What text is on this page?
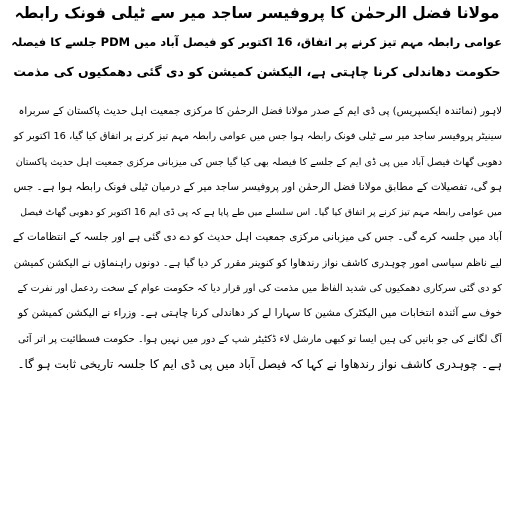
مولانا فضل الرحمٰن کا پروفیسر ساجد میر سے ٹیلی فونک رابطہ
عوامی رابطہ مہم تیز کرنے پر اتفاق، 16 اکتوبر کو فیصل آباد میں PDM جلسے کا فیصلہ
حکومت دھاندلی کرنا چاہتی ہے، الیکشن کمیشن کو دی گئی دھمکیوں کی مذمت
لاہور (نمائندہ ایکسپریس) پی ڈی ایم کے صدر مولانا فضل الرحمٰن کا مرکزی جمعیت اہل حدیث پاکستان کے سربراہ
سینیٹر پروفیسر ساجد میر سے ٹیلی فونک رابطہ ہوا جس میں عوامی رابطہ مہم تیز کرنے پر اتفاق کیا گیا، 16 اکتوبر کو
دھوبی گھاٹ فیصل آباد میں پی ڈی ایم کے جلسے کا فیصلہ بھی کیا گیا جس کی میزبانی مرکزی جمعیت اہل حدیث پاکستان
ہو گی، تفصیلات کے مطابق مولانا فضل الرحمٰن اور پروفیسر ساجد میر کے درمیان ٹیلی فونک رابطہ ہوا ہے۔ جس
میں عوامی رابطہ مہم تیز کرنے پر اتفاق کیا گیا۔ اس سلسلے میں طے پایا ہے کہ پی ڈی ایم 16 اکتوبر کو دھوبی گھاٹ فیصل
آباد میں جلسہ کرے گی۔ جس کی میزبانی مرکزی جمعیت اہل حدیث کو دے دی گئی ہے اور جلسہ کے انتظامات کے
لیے ناظم سیاسی امور چوہدری کاشف نواز رندھاوا کو کنوینر مقرر کر دیا گیا ہے۔ دونوں راہنماؤں نے الیکشن کمیشن
کو دی گئی سرکاری دھمکیوں کی شدید الفاظ میں مذمت کی اور قرار دیا کہ حکومت عوام کے سخت ردعمل اور نفرت کے
خوف سے آئندہ انتخابات میں الیکٹرک مشین کا سہارا لے کر دھاندلی کرنا چاہتی ہے۔ وزراء نے الیکشن کمیشن کو
آگ لگانے کی جو باتیں کی ہیں ایسا تو کبھی مارشل لاء ڈکٹیٹر شپ کے دور میں نہیں ہوا۔ حکومت فسطائیت پر اتر آئی
ہے۔ چوہدری کاشف نواز رندھاوا نے کہا کہ فیصل آباد میں پی ڈی ایم کا جلسہ تاریخی ثابت ہو گا۔
